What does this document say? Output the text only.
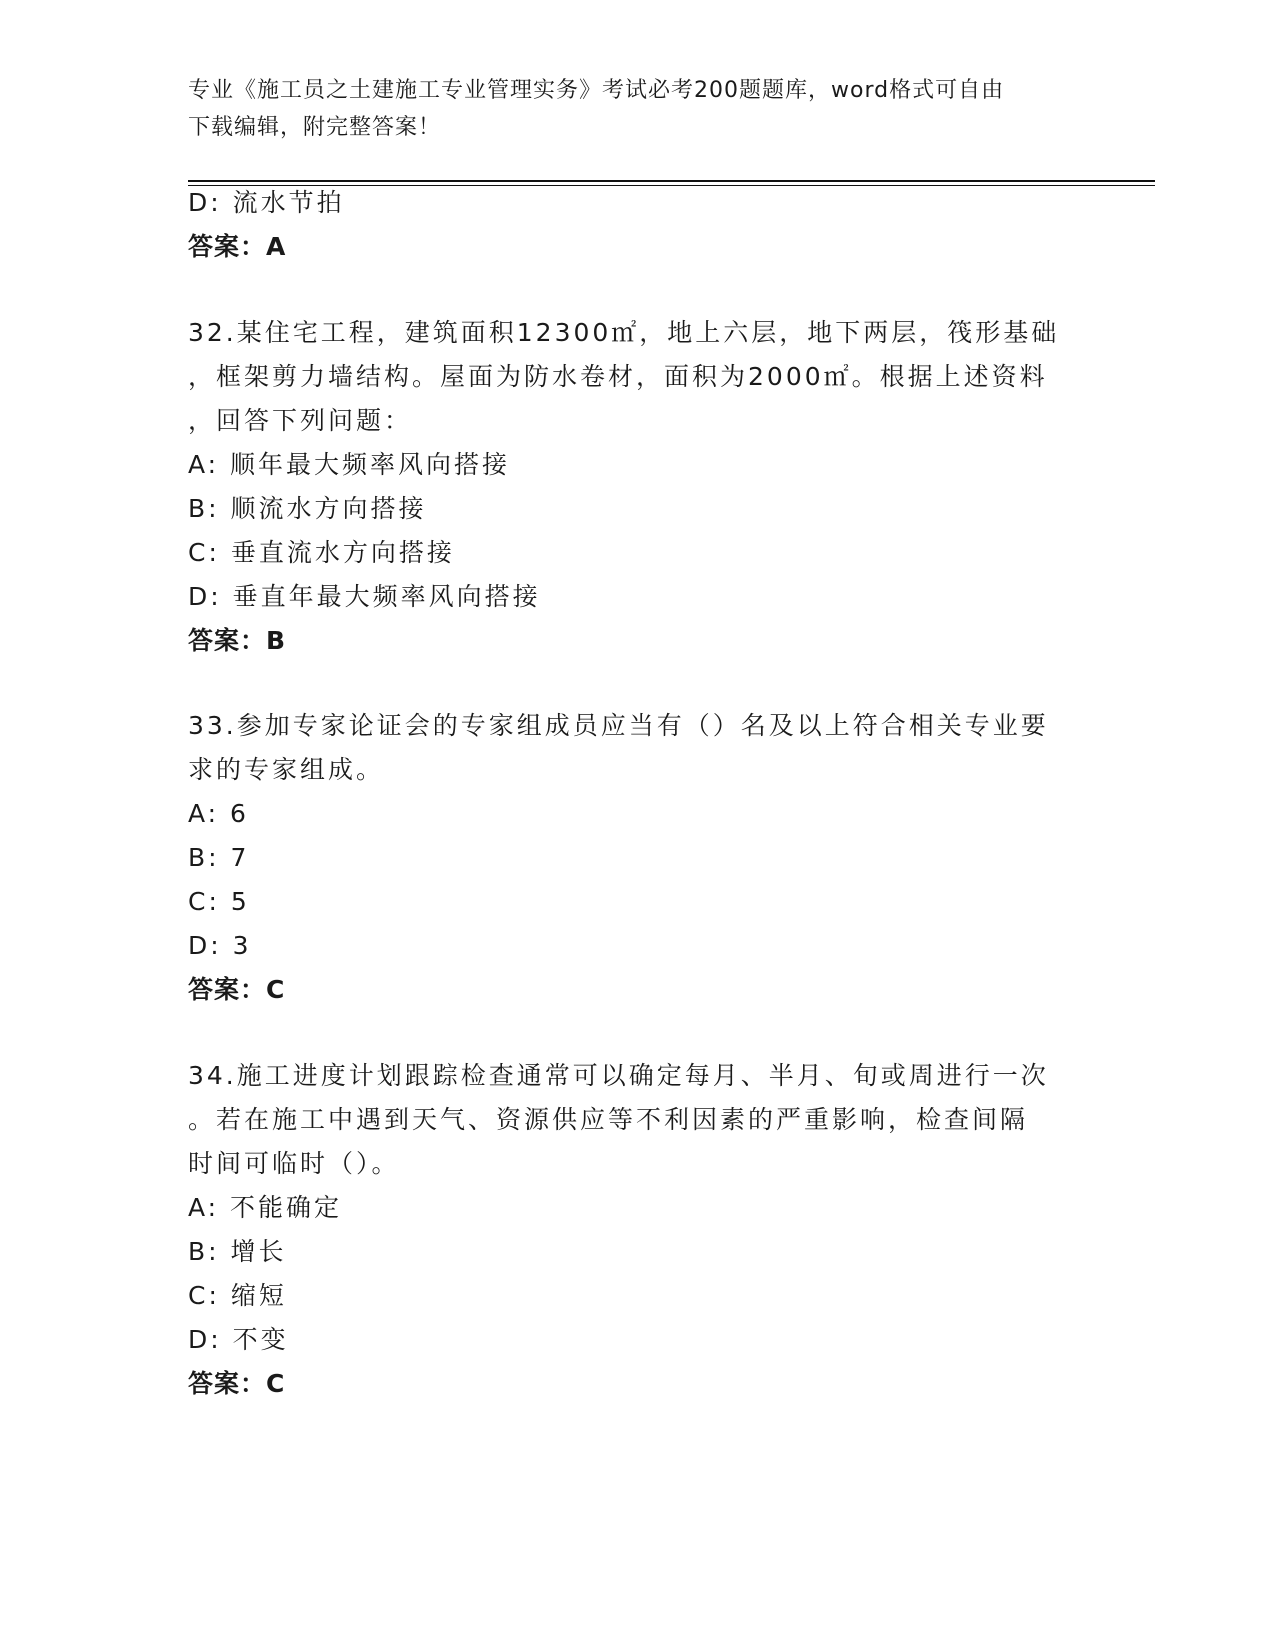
专业《施工员之土建施工专业管理实务》考试必考200题题库，word格式可自由
下载编辑，附完整答案！
D: 流水节拍
答案：A
32.某住宅工程，建筑面积12300㎡，地上六层，地下两层，筏形基础
，框架剪力墙结构。屋面为防水卷材，面积为2000㎡。根据上述资料
，回答下列问题：
A: 顺年最大频率风向搭接
B: 顺流水方向搭接
C: 垂直流水方向搭接
D: 垂直年最大频率风向搭接
答案：B
33.参加专家论证会的专家组成员应当有（）名及以上符合相关专业要
求的专家组成。
A: 6
B: 7
C: 5
D: 3
答案：C
34.施工进度计划跟踪检查通常可以确定每月、半月、旬或周进行一次
。若在施工中遇到天气、资源供应等不利因素的严重影响，检查间隔
时间可临时（）。
A: 不能确定
B: 增长
C: 缩短
D: 不变
答案：C
